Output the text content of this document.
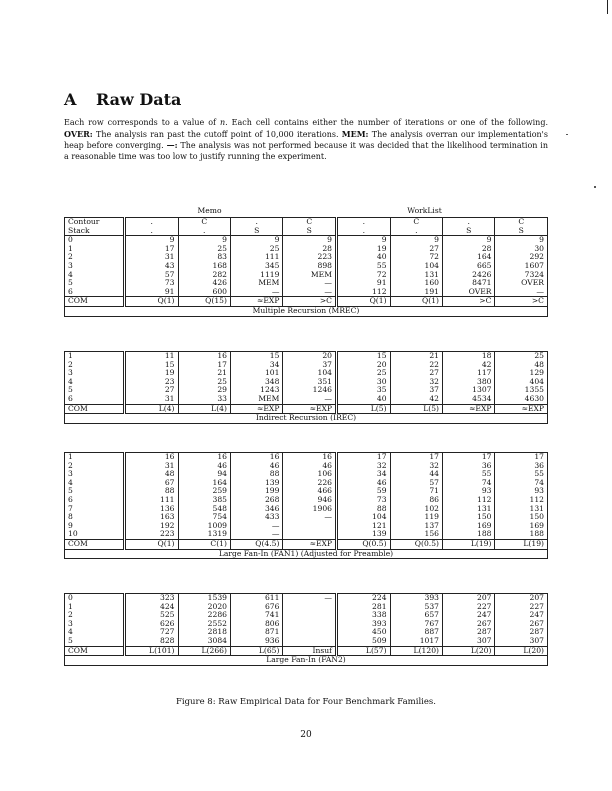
A Raw Data
Each row corresponds to a value of n. Each cell contains either the number of iterations or one of the following. OVER: The analysis ran past the cutoff point of 10,000 iterations. MEM: The analysis overran our implementation's heap before converging. —: The analysis was not performed because it was decided that the likelihood termination in a reasonable time was too low to justify running the experiment.
	Memo	WorkList
Contour	.	C	.	C	.	C	.	C
Stack	.	.	S	S	.	.	S	S
0	9	9	9	9	9	9	9	9
1	17	25	25	28	19	27	28	30
2	31	83	111	223	40	72	164	292
3	43	168	345	898	55	104	665	1607
4	57	282	1119	MEM	72	131	2426	7324
5	73	426	MEM	—	91	160	8471	OVER
6	91	600	—	—	112	191	OVER	—
COM	Q(1)	Q(15)	≈EXP	>C	Q(1)	Q(1)	>C	>C
Multiple Recursion (MREC)								
1	11	16	15	20	15	21	18	25
2	15	17	34	37	20	22	42	48
3	19	21	101	104	25	27	117	129
4	23	25	348	351	30	32	380	404
5	27	29	1243	1246	35	37	1307	1355
6	31	33	MEM	—	40	42	4534	4630
COM	L(4)	L(4)	≈EXP	≈EXP	L(5)	L(5)	≈EXP	≈EXP
Indirect Recursion (IREC)								
1	16	16	16	16	17	17	17	17
2	31	46	46	46	32	32	36	36
3	48	94	88	106	34	44	55	55
4	67	164	139	226	46	57	74	74
5	88	259	199	466	59	71	93	93
6	111	385	268	946	73	86	112	112
7	136	548	346	1906	88	102	131	131
8	163	754	433	—	104	119	150	150
9	192	1009	—		121	137	169	169
10	223	1319	—		139	156	188	188
COM	Q(1)	C(1)	Q(4.5)	≈EXP	Q(0.5)	Q(0.5)	L(19)	L(19)
Large Fan-In (FAN1) (Adjusted for Preamble)								
0	323	1539	611	—	224	393	207	207
1	424	2020	676		281	537	227	227
2	525	2286	741		338	657	247	247
3	626	2552	806		393	767	267	267
4	727	2818	871		450	887	287	287
5	828	3084	936		509	1017	307	307
COM	L(101)	L(266)	L(65)	Insuf	L(57)	L(120)	L(20)	L(20)
Large Fan-In (FAN2)								
Figure 8: Raw Empirical Data for Four Benchmark Families.
20
